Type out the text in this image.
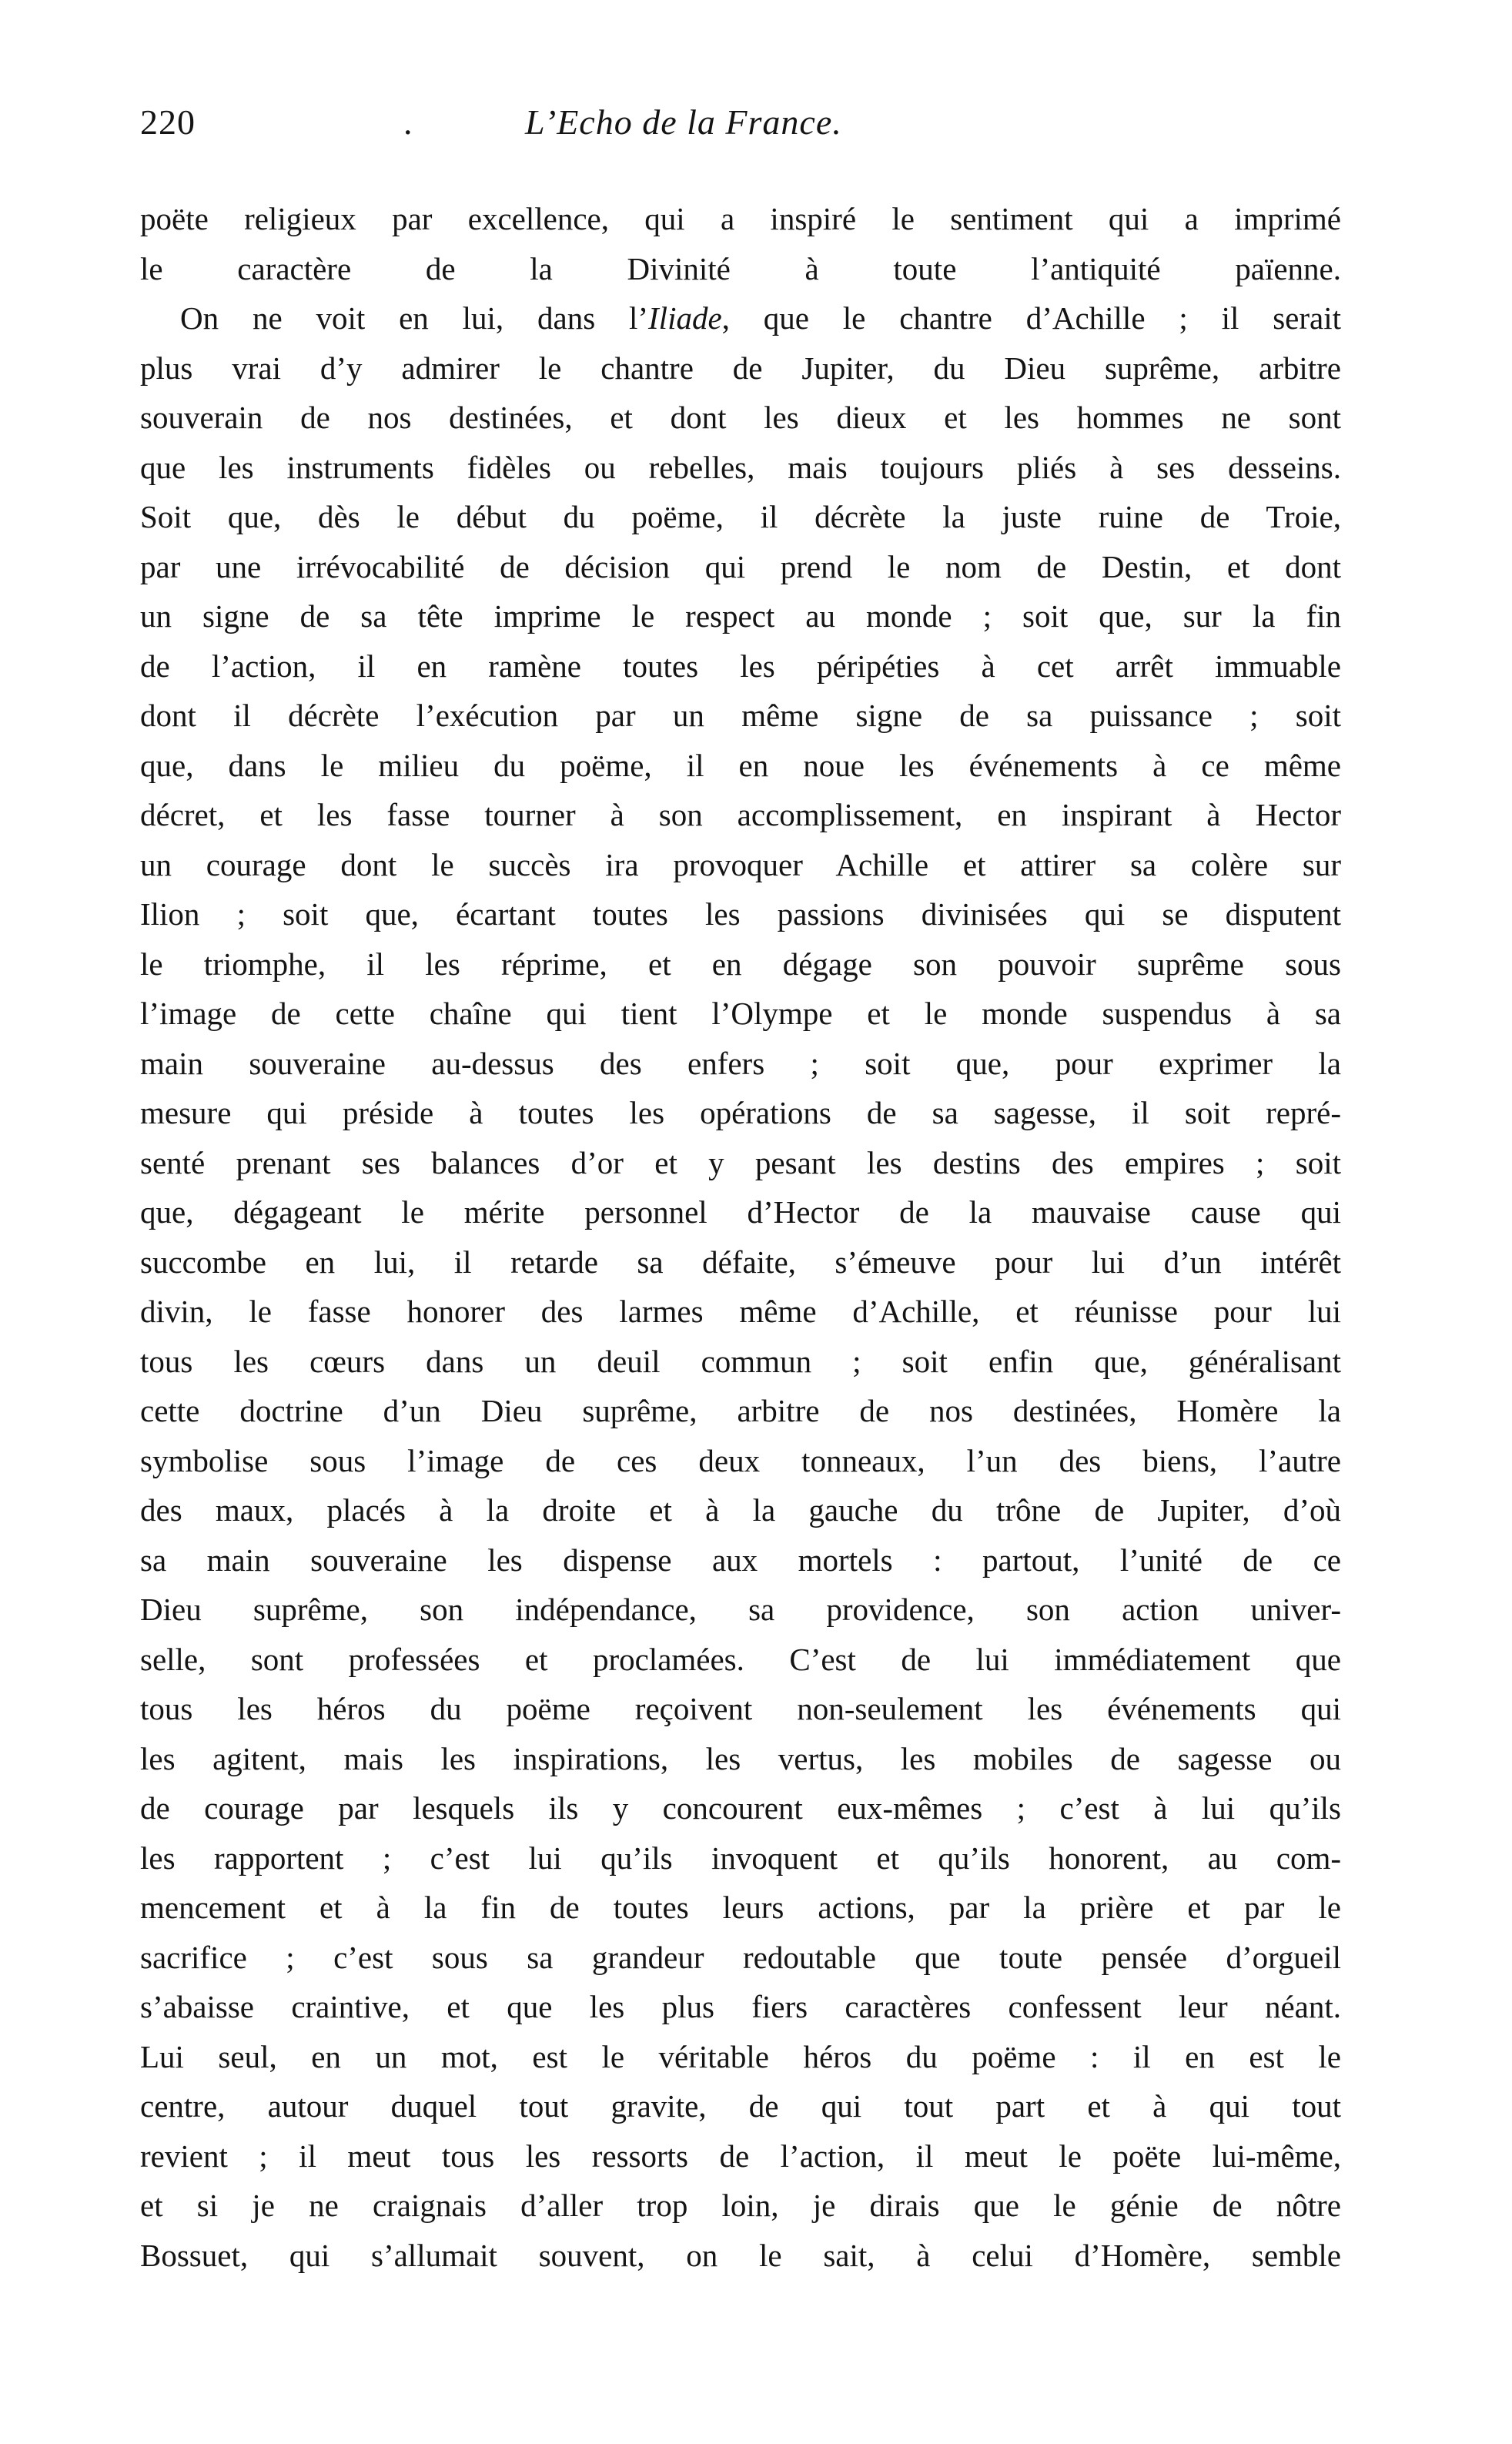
220	.	L’Echo de la France.
poëte religieux par excellence, qui a inspiré le sentiment qui a imprimé
le caractère de la Divinité à toute l’antiquité païenne.
On ne voit en lui, dans l’Iliade, que le chantre d’Achille ; il serait
plus vrai d’y admirer le chantre de Jupiter, du Dieu suprême, arbitre
souverain de nos destinées, et dont les dieux et les hommes ne sont
que les instruments fidèles ou rebelles, mais toujours pliés à ses desseins.
Soit que, dès le début du poëme, il décrète la juste ruine de Troie,
par une irrévocabilité de décision qui prend le nom de Destin, et dont
un signe de sa tête imprime le respect au monde ; soit que, sur la fin
de l’action, il en ramène toutes les péripéties à cet arrêt immuable
dont il décrète l’exécution par un même signe de sa puissance ; soit
que, dans le milieu du poëme, il en noue les événements à ce même
décret, et les fasse tourner à son accomplissement, en inspirant à Hector
un courage dont le succès ira provoquer Achille et attirer sa colère sur
Ilion ; soit que, écartant toutes les passions divinisées qui se disputent
le triomphe, il les réprime, et en dégage son pouvoir suprême sous
l’image de cette chaîne qui tient l’Olympe et le monde suspendus à sa
main souveraine au-dessus des enfers ; soit que, pour exprimer la
mesure qui préside à toutes les opérations de sa sagesse, il soit repré-
senté prenant ses balances d’or et y pesant les destins des empires ; soit
que, dégageant le mérite personnel d’Hector de la mauvaise cause qui
succombe en lui, il retarde sa défaite, s’émeuve pour lui d’un intérêt
divin, le fasse honorer des larmes même d’Achille, et réunisse pour lui
tous les cœurs dans un deuil commun ; soit enfin que, généralisant
cette doctrine d’un Dieu suprême, arbitre de nos destinées, Homère la
symbolise sous l’image de ces deux tonneaux, l’un des biens, l’autre
des maux, placés à la droite et à la gauche du trône de Jupiter, d’où
sa main souveraine les dispense aux mortels : partout, l’unité de ce
Dieu suprême, son indépendance, sa providence, son action univer-
selle, sont professées et proclamées. C’est de lui immédiatement que
tous les héros du poëme reçoivent non-seulement les événements qui
les agitent, mais les inspirations, les vertus, les mobiles de sagesse ou
de courage par lesquels ils y concourent eux-mêmes ; c’est à lui qu’ils
les rapportent ; c’est lui qu’ils invoquent et qu’ils honorent, au com-
mencement et à la fin de toutes leurs actions, par la prière et par le
sacrifice ; c’est sous sa grandeur redoutable que toute pensée d’orgueil
s’abaisse craintive, et que les plus fiers caractères confessent leur néant.
Lui seul, en un mot, est le véritable héros du poëme : il en est le
centre, autour duquel tout gravite, de qui tout part et à qui tout
revient ; il meut tous les ressorts de l’action, il meut le poëte lui-même,
et si je ne craignais d’aller trop loin, je dirais que le génie de nôtre
Bossuet, qui s’allumait souvent, on le sait, à celui d’Homère, semble
